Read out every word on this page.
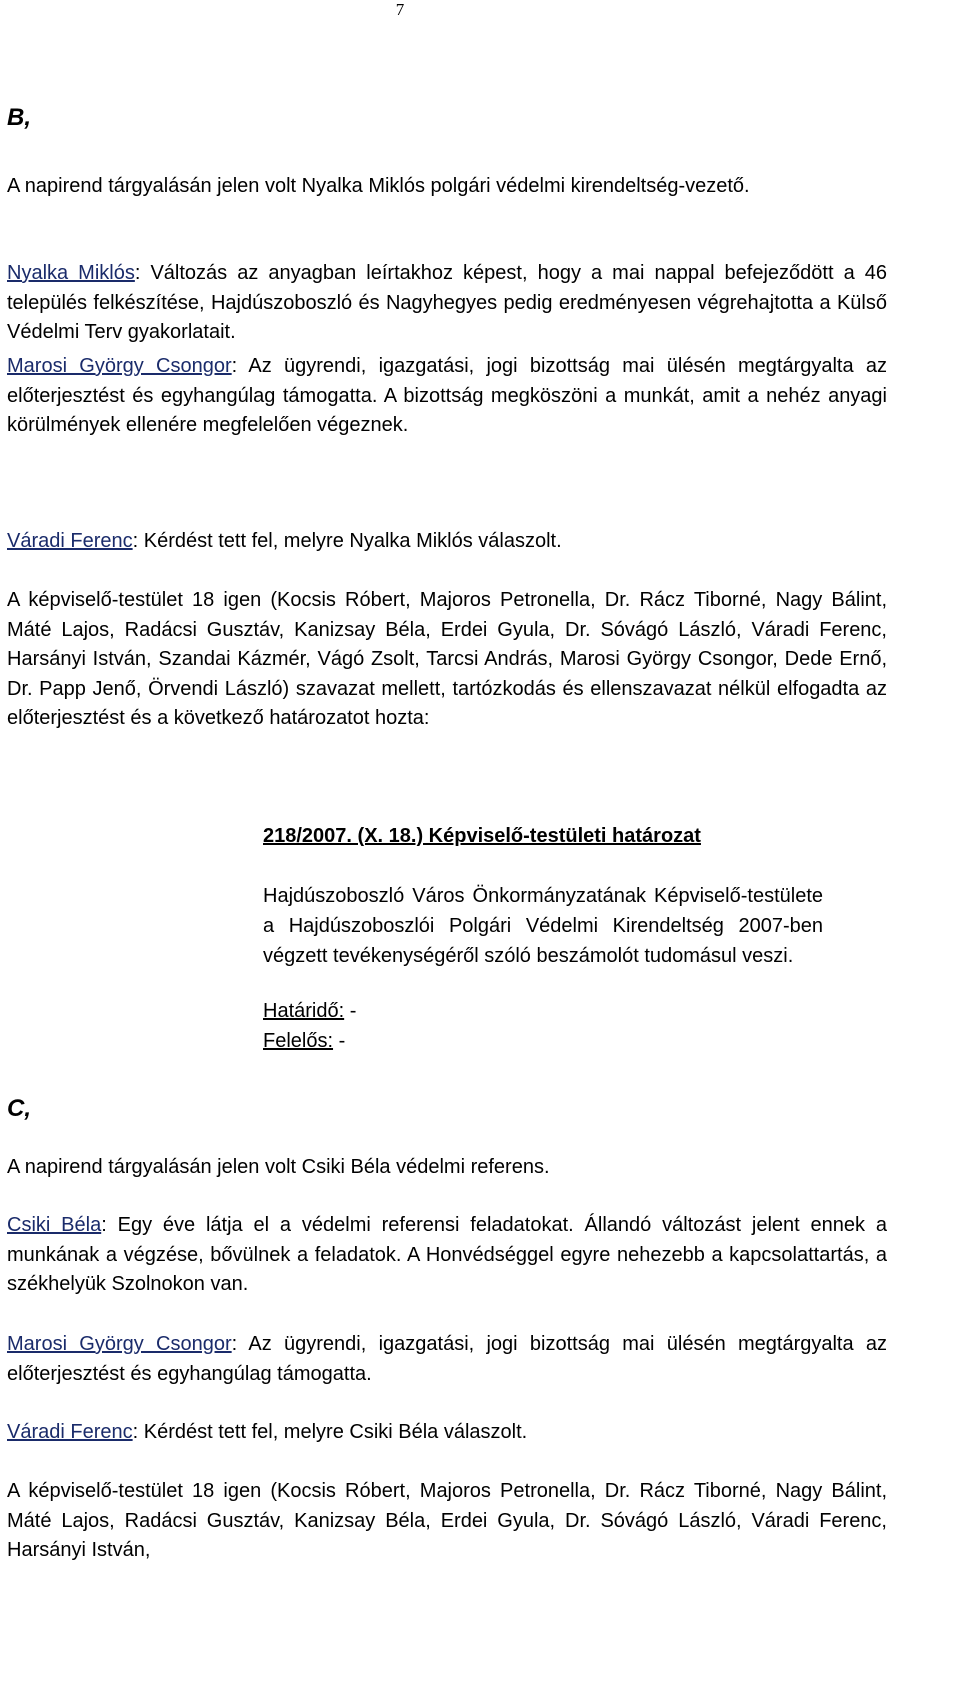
7
B,

A napirend tárgyalásán jelen volt Nyalka Miklós polgári védelmi kirendeltség-vezető.

Nyalka Miklós: Változás az anyagban leírtakhoz képest, hogy a mai nappal befejeződött a 46 település felkészítése, Hajdúszoboszló és Nagyhegyes pedig eredményesen végrehajtotta a Külső Védelmi Terv gyakorlatait.

Marosi György Csongor: Az ügyrendi, igazgatási, jogi bizottság mai ülésén megtárgyalta az előterjesztést és egyhangúlag támogatta. A bizottság megköszöni a munkát, amit a nehéz anyagi körülmények ellenére megfelelően végeznek.

Váradi Ferenc: Kérdést tett fel, melyre Nyalka Miklós válaszolt.

A képviselő-testület 18 igen (Kocsis Róbert, Majoros Petronella, Dr. Rácz Tiborné, Nagy Bálint, Máté Lajos, Radácsi Gusztáv, Kanizsay Béla, Erdei Gyula, Dr. Sóvágó László, Váradi Ferenc, Harsányi István, Szandai Kázmér, Vágó Zsolt, Tarcsi András, Marosi György Csongor, Dede Ernő, Dr. Papp Jenő, Örvendi László) szavazat mellett, tartózkodás és ellenszavazat nélkül elfogadta az előterjesztést és a következő határozatot hozta:

218/2007. (X. 18.) Képviselő-testületi határozat

Hajdúszoboszló Város Önkormányzatának Képviselő-testülete
a Hajdúszoboszlói Polgári Védelmi Kirendeltség 2007-ben végzett tevékenységéről szóló beszámolót tudomásul veszi.

Határidő: -
Felelős: -
C,

A napirend tárgyalásán jelen volt Csiki Béla védelmi referens.

Csiki Béla: Egy éve látja el a védelmi referensi feladatokat. Állandó változást jelent ennek a munkának a végzése, bővülnek a feladatok. A Honvédséggel egyre nehezebb a kapcsolattartás, a székhelyük Szolnokon van.

Marosi György Csongor: Az ügyrendi, igazgatási, jogi bizottság mai ülésén megtárgyalta az előterjesztést és egyhangúlag támogatta.

Váradi Ferenc: Kérdést tett fel, melyre Csiki Béla válaszolt.

A képviselő-testület 18 igen (Kocsis Róbert, Majoros Petronella, Dr. Rácz Tiborné, Nagy Bálint, Máté Lajos, Radácsi Gusztáv, Kanizsay Béla, Erdei Gyula, Dr. Sóvágó László, Váradi Ferenc, Harsányi István,
